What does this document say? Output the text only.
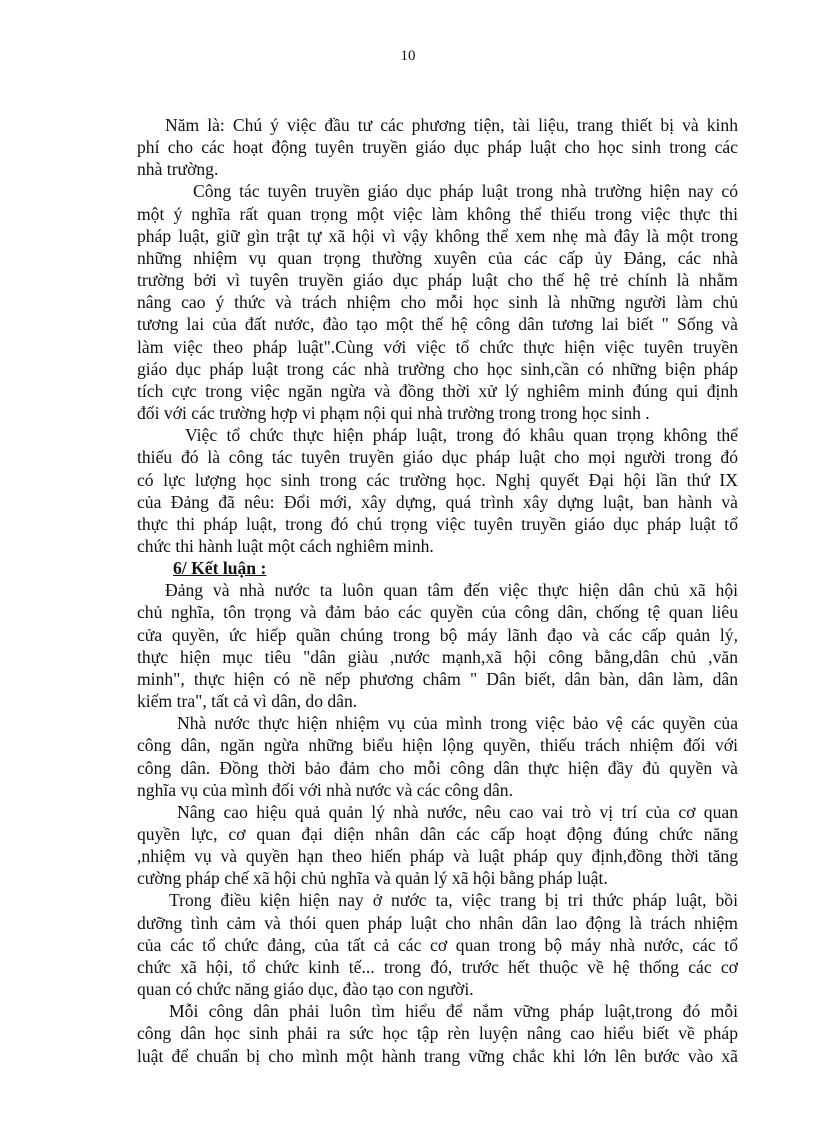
10

Năm là: Chú ý việc đầu tư các phương tiện, tài liệu, trang thiết bị và kinh
phí cho các hoạt động tuyên truyền giáo dục pháp luật cho học sinh trong các
nhà trường.

Công tác tuyên truyền giáo dục pháp luật trong nhà trường hiện nay có
một ý nghĩa rất quan trọng một việc làm không thể thiếu trong việc thực thi
pháp luật, giữ gìn trật tự xã hội vì vậy không thể xem nhẹ mà đây là một trong
những nhiệm vụ quan trọng thường xuyên của các cấp ủy Đảng, các nhà
trường bởi vì tuyên truyền giáo dục pháp luật cho thế hệ trẻ chính là nhằm
nâng cao ý thức và trách nhiệm cho mỗi học sinh là những người làm chủ
tương lai của đất nước, đào tạo một thế hệ công dân tương lai biết " Sống và
làm việc theo pháp luật".Cùng với việc tổ chức thực hiện việc tuyên truyền
giáo dục pháp luật trong các nhà trường cho học sinh,cần có những biện pháp
tích cực trong việc ngăn ngừa và đồng thời xử lý nghiêm minh đúng qui định
đối với các trường hợp vi phạm nội qui nhà trường trong trong học sinh .

Việc tổ chức thực hiện pháp luật, trong đó khâu quan trọng không thể
thiếu đó là công tác tuyên truyền giáo dục pháp luật cho mọi người trong đó
có lực lượng học sinh trong các trường học. Nghị quyết Đại hội lần thứ IX
của Đảng đã nêu: Đổi mới, xây dựng, quá trình xây dựng luật, ban hành và
thực thi pháp luật, trong đó chú trọng việc tuyên truyền giáo dục pháp luật tổ
chức thi hành luật một cách nghiêm minh.

6/ Kết luận :

Đảng và nhà nước ta luôn quan tâm đến việc thực hiện dân chủ xã hội
chủ nghĩa, tôn trọng và đảm bảo các quyền của công dân, chống tệ quan liêu
cửa quyền, ức hiếp quần chúng trong bộ máy lãnh đạo và các cấp quản lý,
thực hiện mục tiêu "dân giàu ,nước mạnh,xã hội công bằng,dân chủ ,văn
minh", thực hiện có nề nếp phương châm " Dân biết, dân bàn, dân làm, dân
kiểm tra", tất cả vì dân, do dân.

Nhà nước thực hiện nhiệm vụ của mình trong việc bảo vệ các quyền của
công dân, ngăn ngừa những biểu hiện lộng quyền, thiếu trách nhiệm đối với
công dân. Đồng thời bảo đảm cho mỗi công dân thực hiện đầy đủ quyền và
nghĩa vụ của mình đối với nhà nước và các công dân.

Nâng cao hiệu quả quản lý nhà nước, nêu cao vai trò vị trí của cơ quan
quyền lực, cơ quan đại diện nhân dân các cấp hoạt động đúng chức năng
,nhiệm vụ và quyền hạn theo hiến pháp và luật pháp quy định,đồng thời tăng
cường pháp chế xã hội chủ nghĩa và quản lý xã hội bằng pháp luật.

Trong điều kiện hiện nay ở nước ta, việc trang bị tri thức pháp luật, bồi
dưỡng tình cảm và thói quen pháp luật cho nhân dân lao động là trách nhiệm
của các tổ chức đảng, của tất cả các cơ quan trong bộ máy nhà nước, các tổ
chức xã hội, tổ chức kinh tế... trong đó, trước hết thuộc về hệ thống các cơ
quan có chức năng giáo dục, đào tạo con người.

Mỗi công dân phải luôn tìm hiểu để nắm vững pháp luật,trong đó mỗi
công dân học sinh phải ra sức học tập rèn luyện nâng cao hiểu biết về pháp
luật để chuẩn bị cho mình một hành trang vững chắc khi lớn lên bước vào xã
